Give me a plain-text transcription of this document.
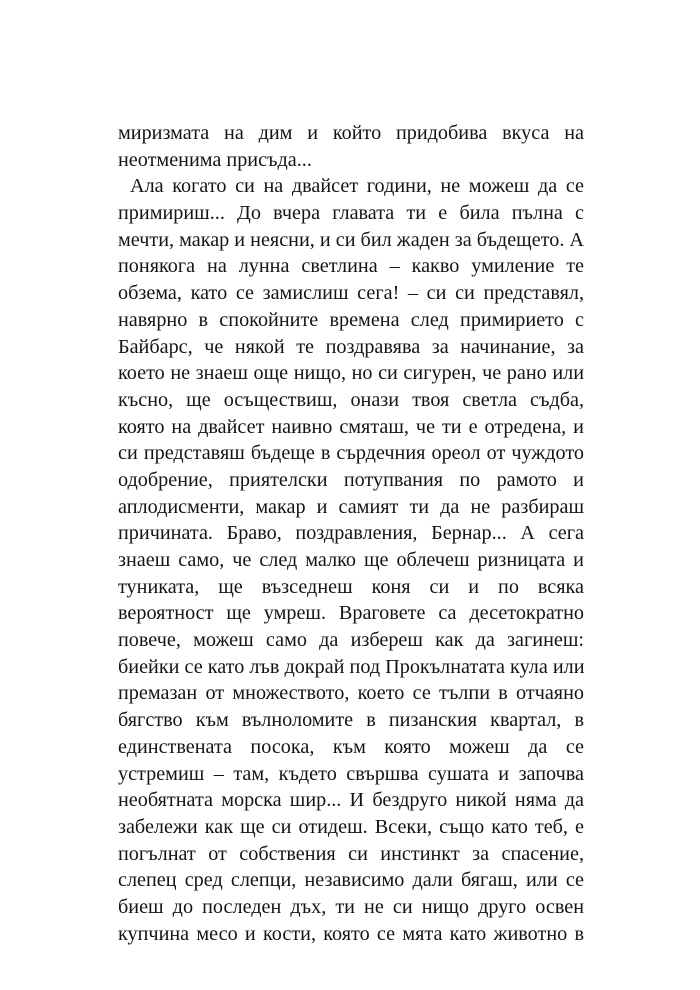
миризмата на дим и който придобива вкуса на
неотменима присъда...
Ала когато си на двайсет години, не можеш да се
примириш... До вчера главата ти е била пълна с
мечти, макар и неясни, и си бил жаден за бъдещето. А
понякога на лунна светлина – какво умиление те
обзема, като се замислиш сега! – си си представял,
навярно в спокойните времена след примирието с
Байбарс, че някой те поздравява за начинание, за
което не знаеш още нищо, но си сигурен, че рано или
късно, ще осъществиш, онази твоя светла съдба,
която на двайсет наивно смяташ, че ти е отредена, и
си представяш бъдеще в сърдечния ореол от чуждото
одобрение, приятелски потупвания по рамото и
аплодисменти, макар и самият ти да не разбираш
причината. Браво, поздравления, Бернар... А сега
знаеш само, че след малко ще облечеш ризницата и
туниката, ще възседнеш коня си и по всяка
вероятност ще умреш. Враговете са десетократно
повече, можеш само да избереш как да загинеш:
биейки се като лъв докрай под Прокълнатата кула или
премазан от множеството, което се тълпи в отчаяно
бягство към вълноломите в пизанския квартал, в
единствената посока, към която можеш да се
устремиш – там, където свършва сушата и започва
необятната морска шир... И бездруго никой няма да
забележи как ще си отидеш. Всеки, също като теб, е
погълнат от собствения си инстинкт за спасение,
слепец сред слепци, независимо дали бягаш, или се
биеш до последен дъх, ти не си нищо друго освен
купчина месо и кости, която се мята като животно в
